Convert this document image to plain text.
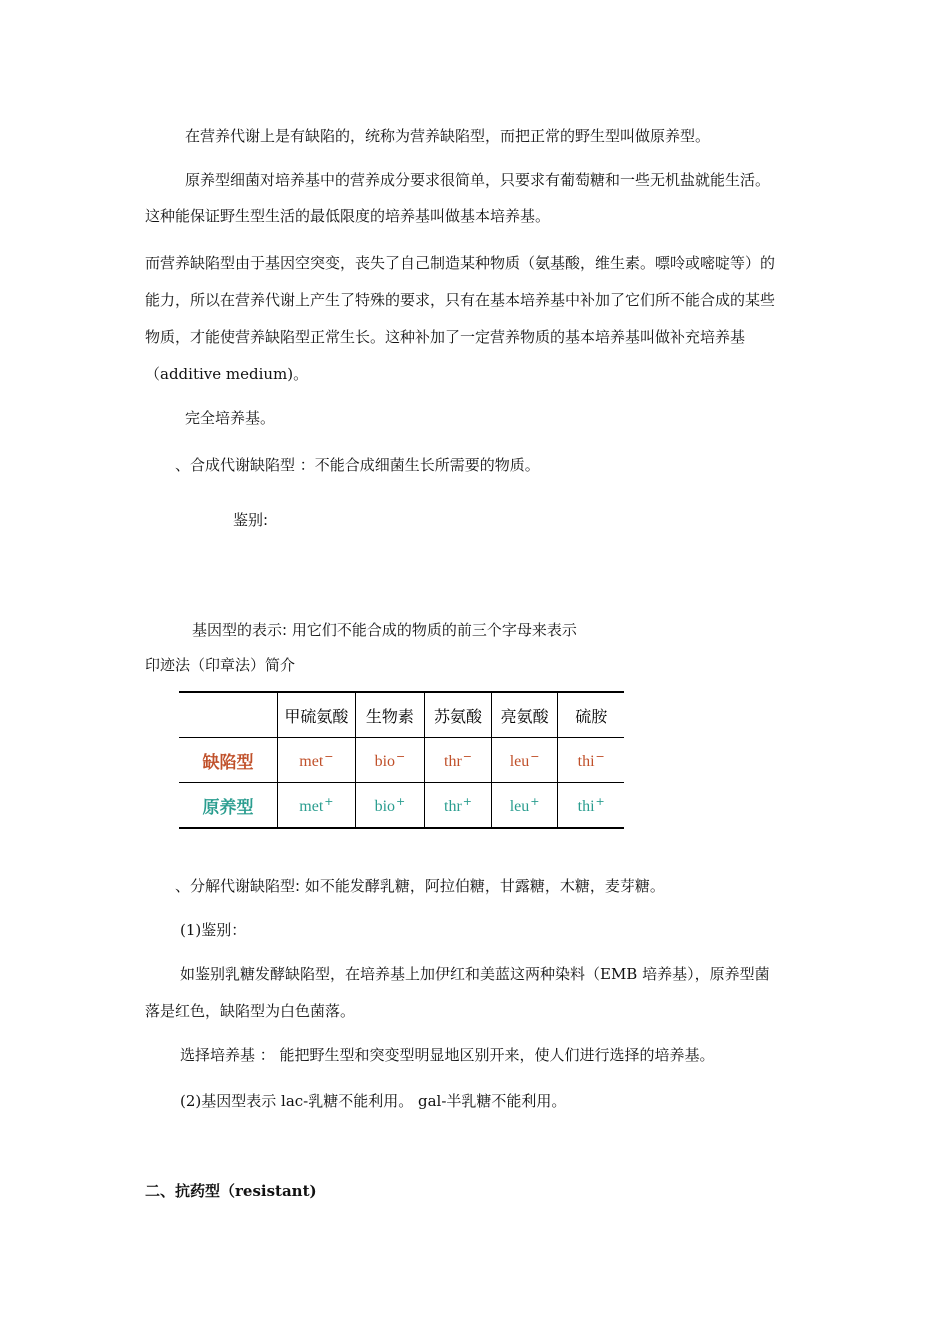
在营养代谢上是有缺陷的，统称为营养缺陷型，而把正常的野生型叫做原养型。
原养型细菌对培养基中的营养成分要求很简单，只要求有葡萄糖和一些无机盐就能生活。
这种能保证野生型生活的最低限度的培养基叫做基本培养基。
而营养缺陷型由于基因空突变，丧失了自己制造某种物质（氨基酸，维生素。嘌呤或嘧啶等）的
能力，所以在营养代谢上产生了特殊的要求，只有在基本培养基中补加了它们所不能合成的某些
物质，才能使营养缺陷型正常生长。这种补加了一定营养物质的基本培养基叫做补充培养基
（additive medium)。
完全培养基。
、合成代谢缺陷型 ：不能合成细菌生长所需要的物质。
鉴别:
基因型的表示: 用它们不能合成的物质的前三个字母来表示
印迹法（印章法）简介
	甲硫氨酸	生物素	苏氨酸	亮氨酸	硫胺
缺陷型	met−	bio−	thr−	leu−	thi−
原养型	met+	bio+	thr+	leu+	thi+
、分解代谢缺陷型: 如不能发酵乳糖，阿拉伯糖，甘露糖，木糖，麦芽糖。
(1)鉴别：
如鉴别乳糖发酵缺陷型，在培养基上加伊红和美蓝这两种染料（EMB 培养基），原养型菌
落是红色，缺陷型为白色菌落。
选择培养基 ： 能把野生型和突变型明显地区别开来，使人们进行选择的培养基。
(2)基因型表示 lac-乳糖不能利用。 gal-半乳糖不能利用。
二、抗药型（resistant)
